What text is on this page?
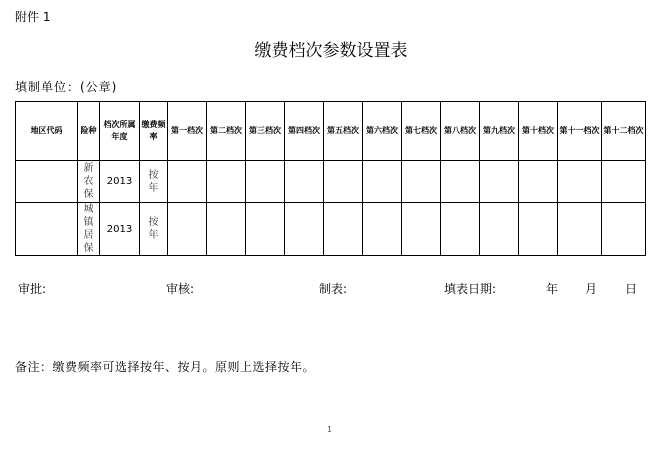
附件 1
缴费档次参数设置表
填制单位：(公章)
地区代码	险种	档次所属年度	缴费频率	第一档次	第二档次	第三档次	第四档次	第五档次	第六档次	第七档次	第八档次	第九档次	第十档次	第十一档次	第十二档次
	新农保	2013	按年												
	城镇居保	2013	按年												
审批:	审核:	制表:	填表日期:	年 月 日
备注：缴费频率可选择按年、按月。原则上选择按年。
1
